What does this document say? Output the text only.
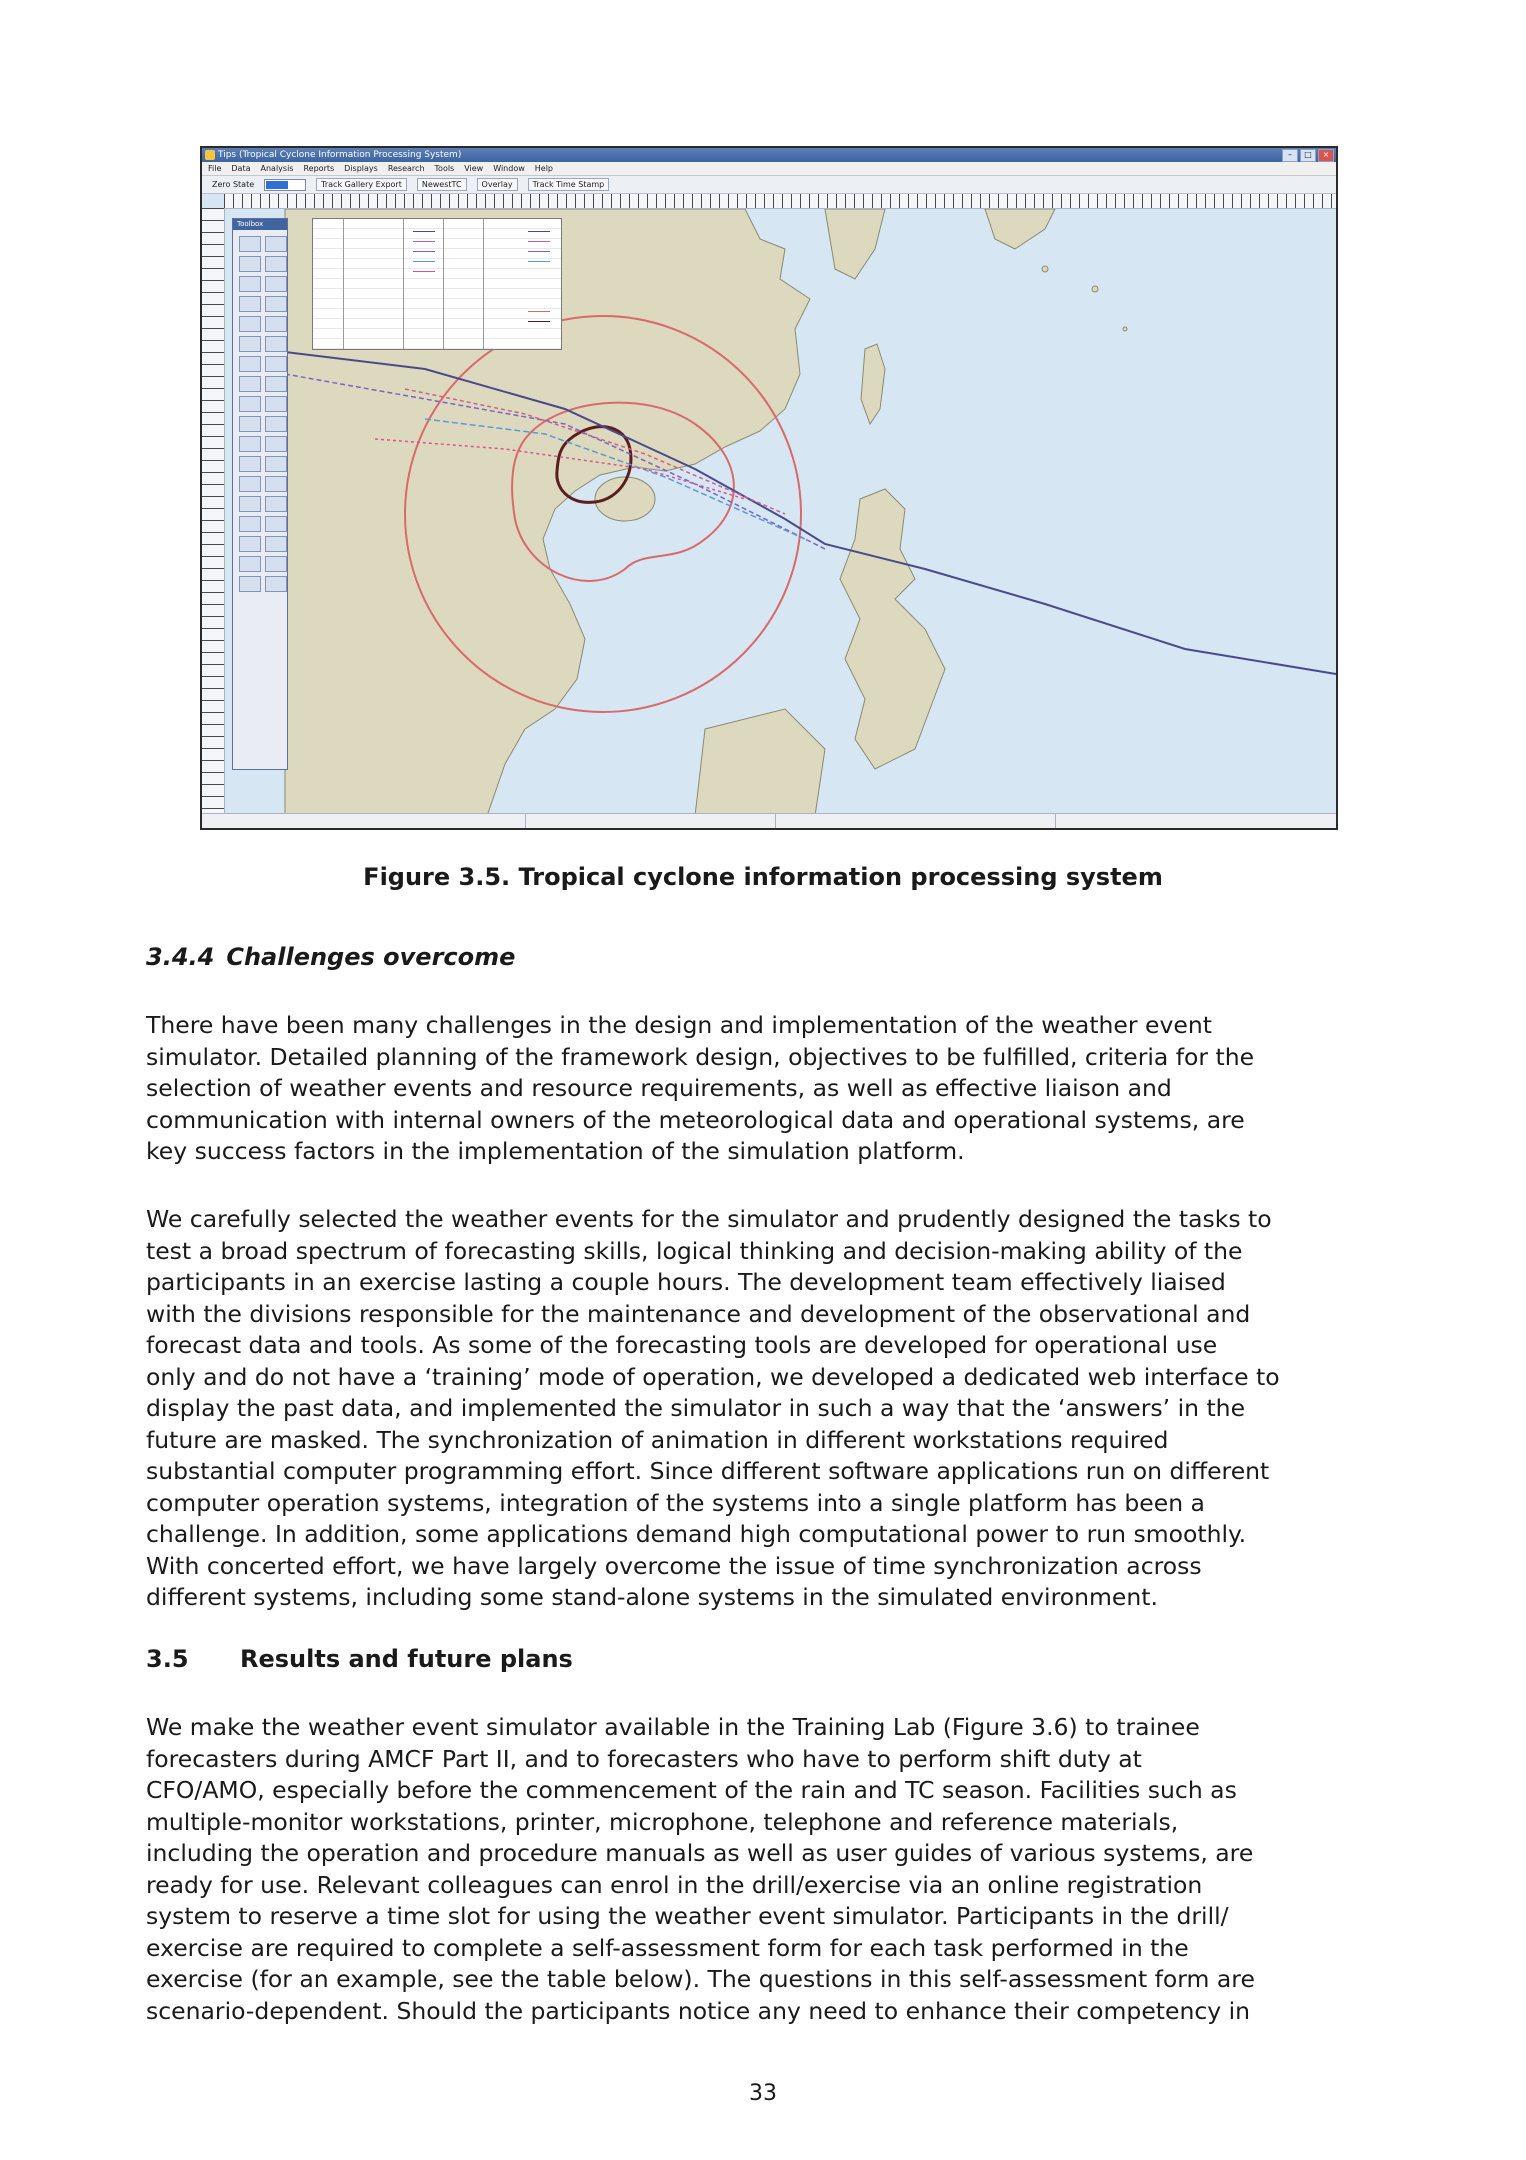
Tips (Tropical Cyclone Information Processing System)	–	□	×
File Data Analysis Reports Displays Research Tools View Window Help
Zero State	Track Gallery Export	NewestTC	Overlay	Track Time Stamp
Toolbox
Figure 3.5. Tropical cyclone information processing system
3.4.4 Challenges overcome
There have been many challenges in the design and implementation of the weather event
simulator. Detailed planning of the framework design, objectives to be fulfilled, criteria for the
selection of weather events and resource requirements, as well as effective liaison and
communication with internal owners of the meteorological data and operational systems, are
key success factors in the implementation of the simulation platform.
We carefully selected the weather events for the simulator and prudently designed the tasks to
test a broad spectrum of forecasting skills, logical thinking and decision-making ability of the
participants in an exercise lasting a couple hours. The development team effectively liaised
with the divisions responsible for the maintenance and development of the observational and
forecast data and tools. As some of the forecasting tools are developed for operational use
only and do not have a ‘training’ mode of operation, we developed a dedicated web interface to
display the past data, and implemented the simulator in such a way that the ‘answers’ in the
future are masked. The synchronization of animation in different workstations required
substantial computer programming effort. Since different software applications run on different
computer operation systems, integration of the systems into a single platform has been a
challenge. In addition, some applications demand high computational power to run smoothly.
With concerted effort, we have largely overcome the issue of time synchronization across
different systems, including some stand-alone systems in the simulated environment.
3.5 Results and future plans
We make the weather event simulator available in the Training Lab (Figure 3.6) to trainee
forecasters during AMCF Part II, and to forecasters who have to perform shift duty at
CFO/AMO, especially before the commencement of the rain and TC season. Facilities such as
multiple-monitor workstations, printer, microphone, telephone and reference materials,
including the operation and procedure manuals as well as user guides of various systems, are
ready for use. Relevant colleagues can enrol in the drill/exercise via an online registration
system to reserve a time slot for using the weather event simulator. Participants in the drill/
exercise are required to complete a self-assessment form for each task performed in the
exercise (for an example, see the table below). The questions in this self-assessment form are
scenario-dependent. Should the participants notice any need to enhance their competency in
33
